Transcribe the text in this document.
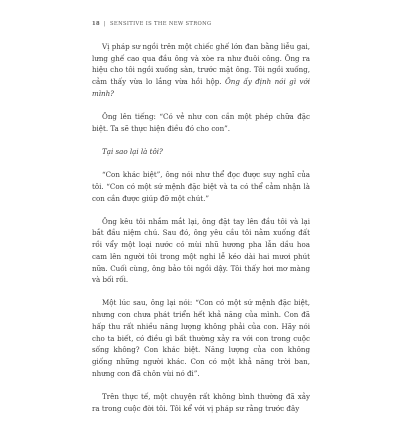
18 | SENSITIVE IS THE NEW STRONG

Vị pháp sư ngồi trên một chiếc ghế lớn đan bằng liễu gai, lưng ghế cao qua đầu ông và xòe ra như đuôi công. Ông ra hiệu cho tôi ngồi xuống sàn, trước mặt ông. Tôi ngồi xuống, cảm thấy vừa lo lắng vừa hồi hộp. Ông ấy định nói gì với mình?

Ông lên tiếng: “Có vẻ như con cần một phép chữa đặc biệt. Ta sẽ thực hiện điều đó cho con”.

Tại sao lại là tôi?

“Con khác biệt”, ông nói như thể đọc được suy nghĩ của tôi. “Con có một sứ mệnh đặc biệt và ta có thể cảm nhận là con cần được giúp đỡ một chút.”

Ông kêu tôi nhắm mắt lại, ông đặt tay lên đầu tôi và lại bắt đầu niệm chú. Sau đó, ông yêu cầu tôi nằm xuống đất rồi vẩy một loại nước có mùi nhũ hương pha lẫn dầu hoa cam lên người tôi trong một nghi lễ kéo dài hai mươi phút nữa. Cuối cùng, ông bảo tôi ngồi dậy. Tôi thấy hơi mơ màng và bối rối.

Một lúc sau, ông lại nói: “Con có một sứ mệnh đặc biệt, nhưng con chưa phát triển hết khả năng của mình. Con đã hấp thu rất nhiều năng lượng không phải của con. Hãy nói cho ta biết, có điều gì bất thường xảy ra với con trong cuộc sống không? Con khác biệt. Năng lượng của con không giống những người khác. Con có một khả năng trời ban, nhưng con đã chôn vùi nó đi”.

Trên thực tế, một chuyện rất không bình thường đã xảy ra trong cuộc đời tôi. Tôi kể với vị pháp sư rằng trước đây
